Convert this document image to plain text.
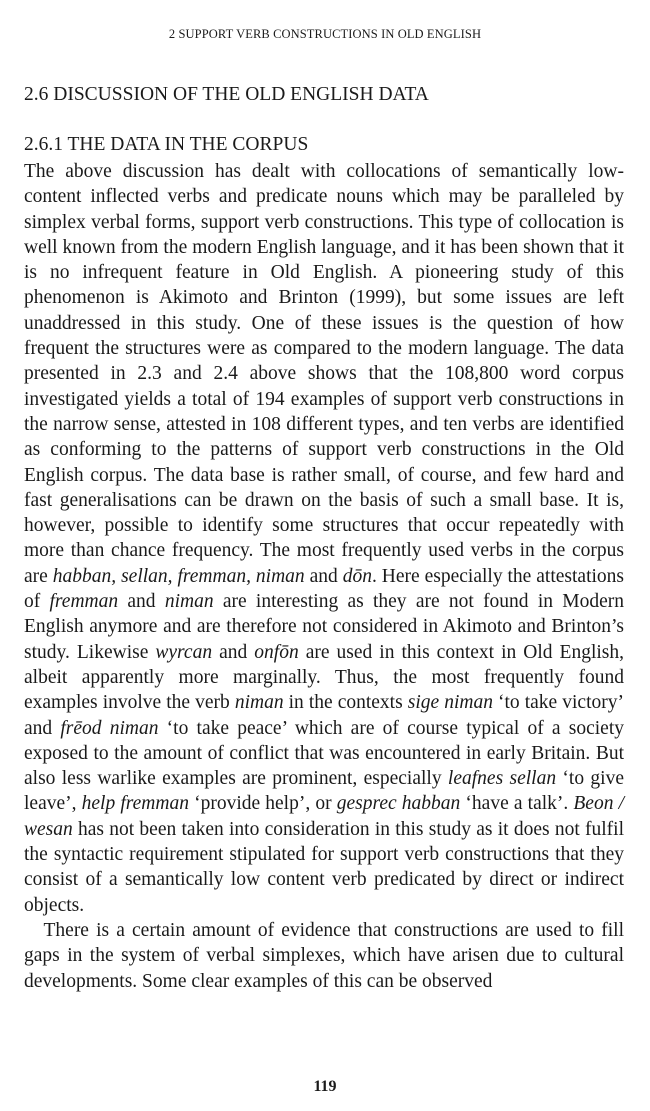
2 SUPPORT VERB CONSTRUCTIONS IN OLD ENGLISH
2.6 DISCUSSION OF THE OLD ENGLISH DATA
2.6.1 THE DATA IN THE CORPUS

The above discussion has dealt with collocations of semantically low-content inflected verbs and predicate nouns which may be paralleled by simplex verbal forms, support verb constructions. This type of collocation is well known from the modern English language, and it has been shown that it is no infrequent feature in Old English. A pioneering study of this phenomenon is Akimoto and Brinton (1999), but some issues are left unaddressed in this study. One of these issues is the question of how frequent the structures were as compared to the modern language. The data presented in 2.3 and 2.4 above shows that the 108,800 word corpus investigated yields a total of 194 examples of support verb constructions in the narrow sense, attested in 108 different types, and ten verbs are identified as conforming to the patterns of support verb constructions in the Old English corpus. The data base is rather small, of course, and few hard and fast generalisations can be drawn on the basis of such a small base. It is, however, possible to identify some structures that occur repeatedly with more than chance frequency. The most frequently used verbs in the corpus are habban, sellan, fremman, niman and dōn. Here especially the attestations of fremman and niman are interesting as they are not found in Modern English anymore and are therefore not considered in Akimoto and Brinton’s study. Likewise wyrcan and onfōn are used in this context in Old English, albeit apparently more marginally. Thus, the most frequently found examples involve the verb niman in the contexts sige niman ‘to take victory’ and frēod niman ‘to take peace’ which are of course typical of a society exposed to the amount of conflict that was encountered in early Britain. But also less warlike examples are prominent, especially leafnes sellan ‘to give leave’, help fremman ‘provide help’, or gesprec habban ‘have a talk’. Beon / wesan has not been taken into consideration in this study as it does not fulfil the syntactic requirement stipulated for support verb constructions that they consist of a semantically low content verb predicated by direct or indirect objects.

There is a certain amount of evidence that constructions are used to fill gaps in the system of verbal simplexes, which have arisen due to cultural developments. Some clear examples of this can be observed

119
